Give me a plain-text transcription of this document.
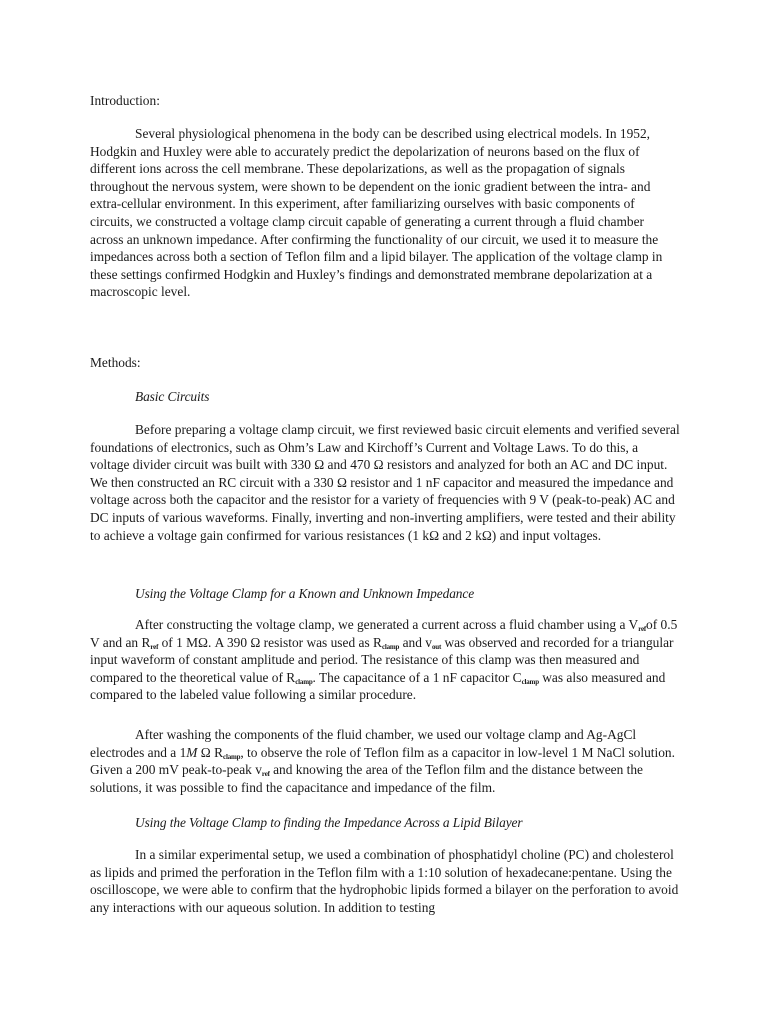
Introduction:

Several physiological phenomena in the body can be described using electrical models. In 1952, Hodgkin and Huxley were able to accurately predict the depolarization of neurons based on the flux of different ions across the cell membrane. These depolarizations, as well as the propagation of signals throughout the nervous system, were shown to be dependent on the ionic gradient between the intra- and extra-cellular environment. In this experiment, after familiarizing ourselves with basic components of circuits, we constructed a voltage clamp circuit capable of generating a current through a fluid chamber across an unknown impedance. After confirming the functionality of our circuit, we used it to measure the impedances across both a section of Teflon film and a lipid bilayer. The application of the voltage clamp in these settings confirmed Hodgkin and Huxley’s findings and demonstrated membrane depolarization at a macroscopic level.

Methods:

Basic Circuits

Before preparing a voltage clamp circuit, we first reviewed basic circuit elements and verified several foundations of electronics, such as Ohm’s Law and Kirchoff’s Current and Voltage Laws. To do this, a voltage divider circuit was built with 330 Ω and 470 Ω resistors and analyzed for both an AC and DC input. We then constructed an RC circuit with a 330 Ω resistor and 1 nF capacitor and measured the impedance and voltage across both the capacitor and the resistor for a variety of frequencies with 9 V (peak-to-peak) AC and DC inputs of various waveforms. Finally, inverting and non-inverting amplifiers, were tested and their ability to achieve a voltage gain confirmed for various resistances (1 kΩ and 2 kΩ) and input voltages.

Using the Voltage Clamp for a Known and Unknown Impedance

After constructing the voltage clamp, we generated a current across a fluid chamber using a $V_{ref}of$ 0.5 V and an $R_{ref}$ of 1 MΩ. A 390 Ω resistor was used as $R_{clamp}$ and $v_{out}$ was observed and recorded for a triangular input waveform of constant amplitude and period. The resistance of this clamp was then measured and compared to the theoretical value of $R_{clamp}$. The capacitance of a 1 nF capacitor $C_{clamp}$ was also measured and compared to the labeled value following a similar procedure.

After washing the components of the fluid chamber, we used our voltage clamp and Ag-AgCl electrodes and a 1M Ω $R_{clamp}$, to observe the role of Teflon film as a capacitor in low-level 1 M NaCl solution. Given a 200 mV peak-to-peak $v_{ref}$ and knowing the area of the Teflon film and the distance between the solutions, it was possible to find the capacitance and impedance of the film.

Using the Voltage Clamp to finding the Impedance Across a Lipid Bilayer

In a similar experimental setup, we used a combination of phosphatidyl choline (PC) and cholesterol as lipids and primed the perforation in the Teflon film with a 1:10 solution of hexadecane:pentane. Using the oscilloscope, we were able to confirm that the hydrophobic lipids formed a bilayer on the perforation to avoid any interactions with our aqueous solution. In addition to testing
